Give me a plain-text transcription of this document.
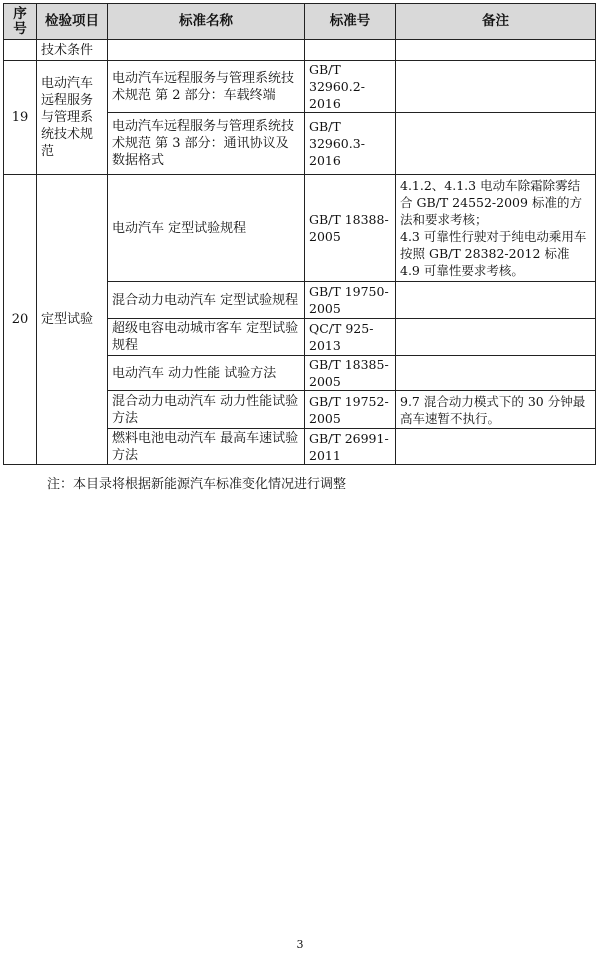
序
号	检验项目	标准名称	标准号	备注
	技术条件			
19	电动汽车远程服务与管理系统技术规范	电动汽车远程服务与管理系统技术规范 第 2 部分：车载终端	GB/T 32960.2-2016	
		电动汽车远程服务与管理系统技术规范 第 3 部分：通讯协议及数据格式	GB/T 32960.3-2016	
20	定型试验	电动汽车 定型试验规程	GB/T 18388-2005	4.1.2、4.1.3 电动车除霜除雾结合 GB/T 24552-2009 标准的方法和要求考核；
4.3 可靠性行驶对于纯电动乘用车按照 GB/T 28382-2012 标准 4.9 可靠性要求考核。
		混合动力电动汽车 定型试验规程	GB/T 19750-2005	
		超级电容电动城市客车 定型试验规程	QC/T 925-2013	
		电动汽车 动力性能 试验方法	GB/T 18385-2005	
		混合动力电动汽车 动力性能试验方法	GB/T 19752-2005	9.7 混合动力模式下的 30 分钟最高车速暂不执行。
		燃料电池电动汽车 最高车速试验方法	GB/T 26991-2011	
注：本目录将根据新能源汽车标准变化情况进行调整
3
